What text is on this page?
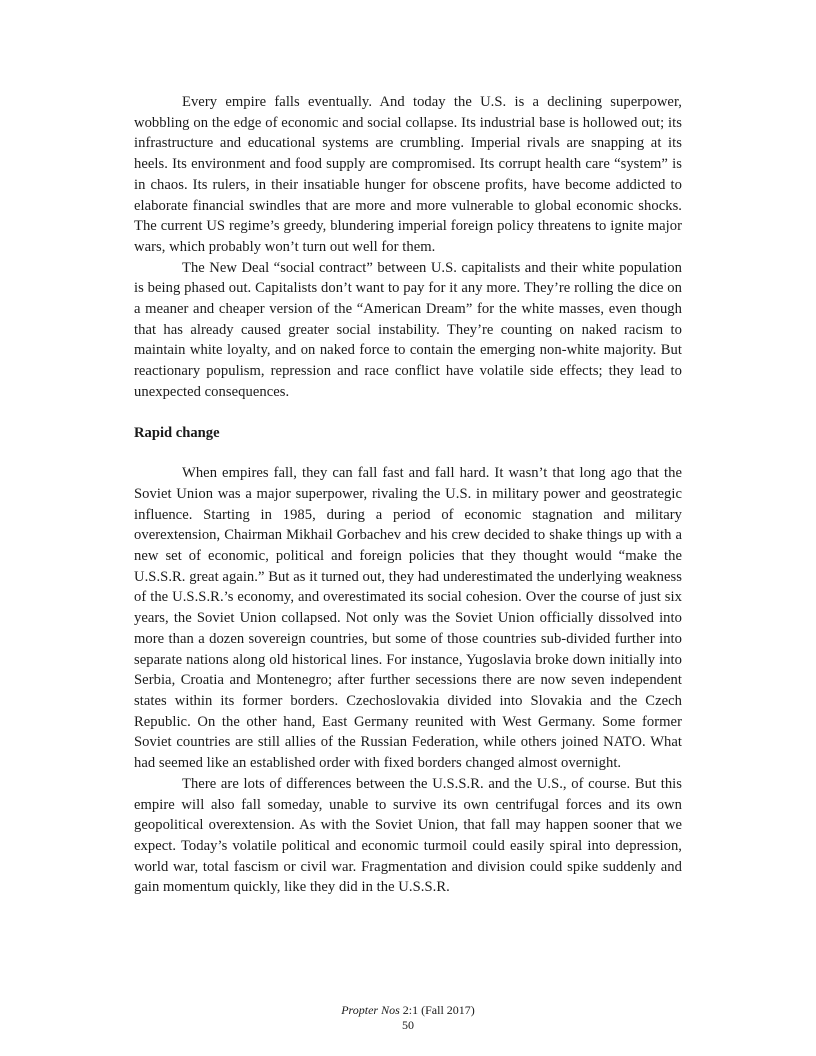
Every empire falls eventually. And today the U.S. is a declining superpower, wobbling on the edge of economic and social collapse. Its industrial base is hollowed out; its infrastructure and educational systems are crumbling. Imperial rivals are snapping at its heels. Its environment and food supply are compromised. Its corrupt health care “system” is in chaos. Its rulers, in their insatiable hunger for obscene profits, have become addicted to elaborate financial swindles that are more and more vulnerable to global economic shocks. The current US regime’s greedy, blundering imperial foreign policy threatens to ignite major wars, which probably won’t turn out well for them.

The New Deal “social contract” between U.S. capitalists and their white population is being phased out. Capitalists don’t want to pay for it any more. They’re rolling the dice on a meaner and cheaper version of the “American Dream” for the white masses, even though that has already caused greater social instability. They’re counting on naked racism to maintain white loyalty, and on naked force to contain the emerging non-white majority. But reactionary populism, repression and race conflict have volatile side effects; they lead to unexpected consequences.

Rapid change

When empires fall, they can fall fast and fall hard. It wasn’t that long ago that the Soviet Union was a major superpower, rivaling the U.S. in military power and geostrategic influence. Starting in 1985, during a period of economic stagnation and military overextension, Chairman Mikhail Gorbachev and his crew decided to shake things up with a new set of economic, political and foreign policies that they thought would “make the U.S.S.R. great again.” But as it turned out, they had underestimated the underlying weakness of the U.S.S.R.’s economy, and overestimated its social cohesion. Over the course of just six years, the Soviet Union collapsed. Not only was the Soviet Union officially dissolved into more than a dozen sovereign countries, but some of those countries sub-divided further into separate nations along old historical lines. For instance, Yugoslavia broke down initially into Serbia, Croatia and Montenegro; after further secessions there are now seven independent states within its former borders. Czechoslovakia divided into Slovakia and the Czech Republic. On the other hand, East Germany reunited with West Germany. Some former Soviet countries are still allies of the Russian Federation, while others joined NATO. What had seemed like an established order with fixed borders changed almost overnight.

There are lots of differences between the U.S.S.R. and the U.S., of course. But this empire will also fall someday, unable to survive its own centrifugal forces and its own geopolitical overextension. As with the Soviet Union, that fall may happen sooner that we expect. Today’s volatile political and economic turmoil could easily spiral into depression, world war, total fascism or civil war. Fragmentation and division could spike suddenly and gain momentum quickly, like they did in the U.S.S.R.

Propter Nos 2:1 (Fall 2017)
50
